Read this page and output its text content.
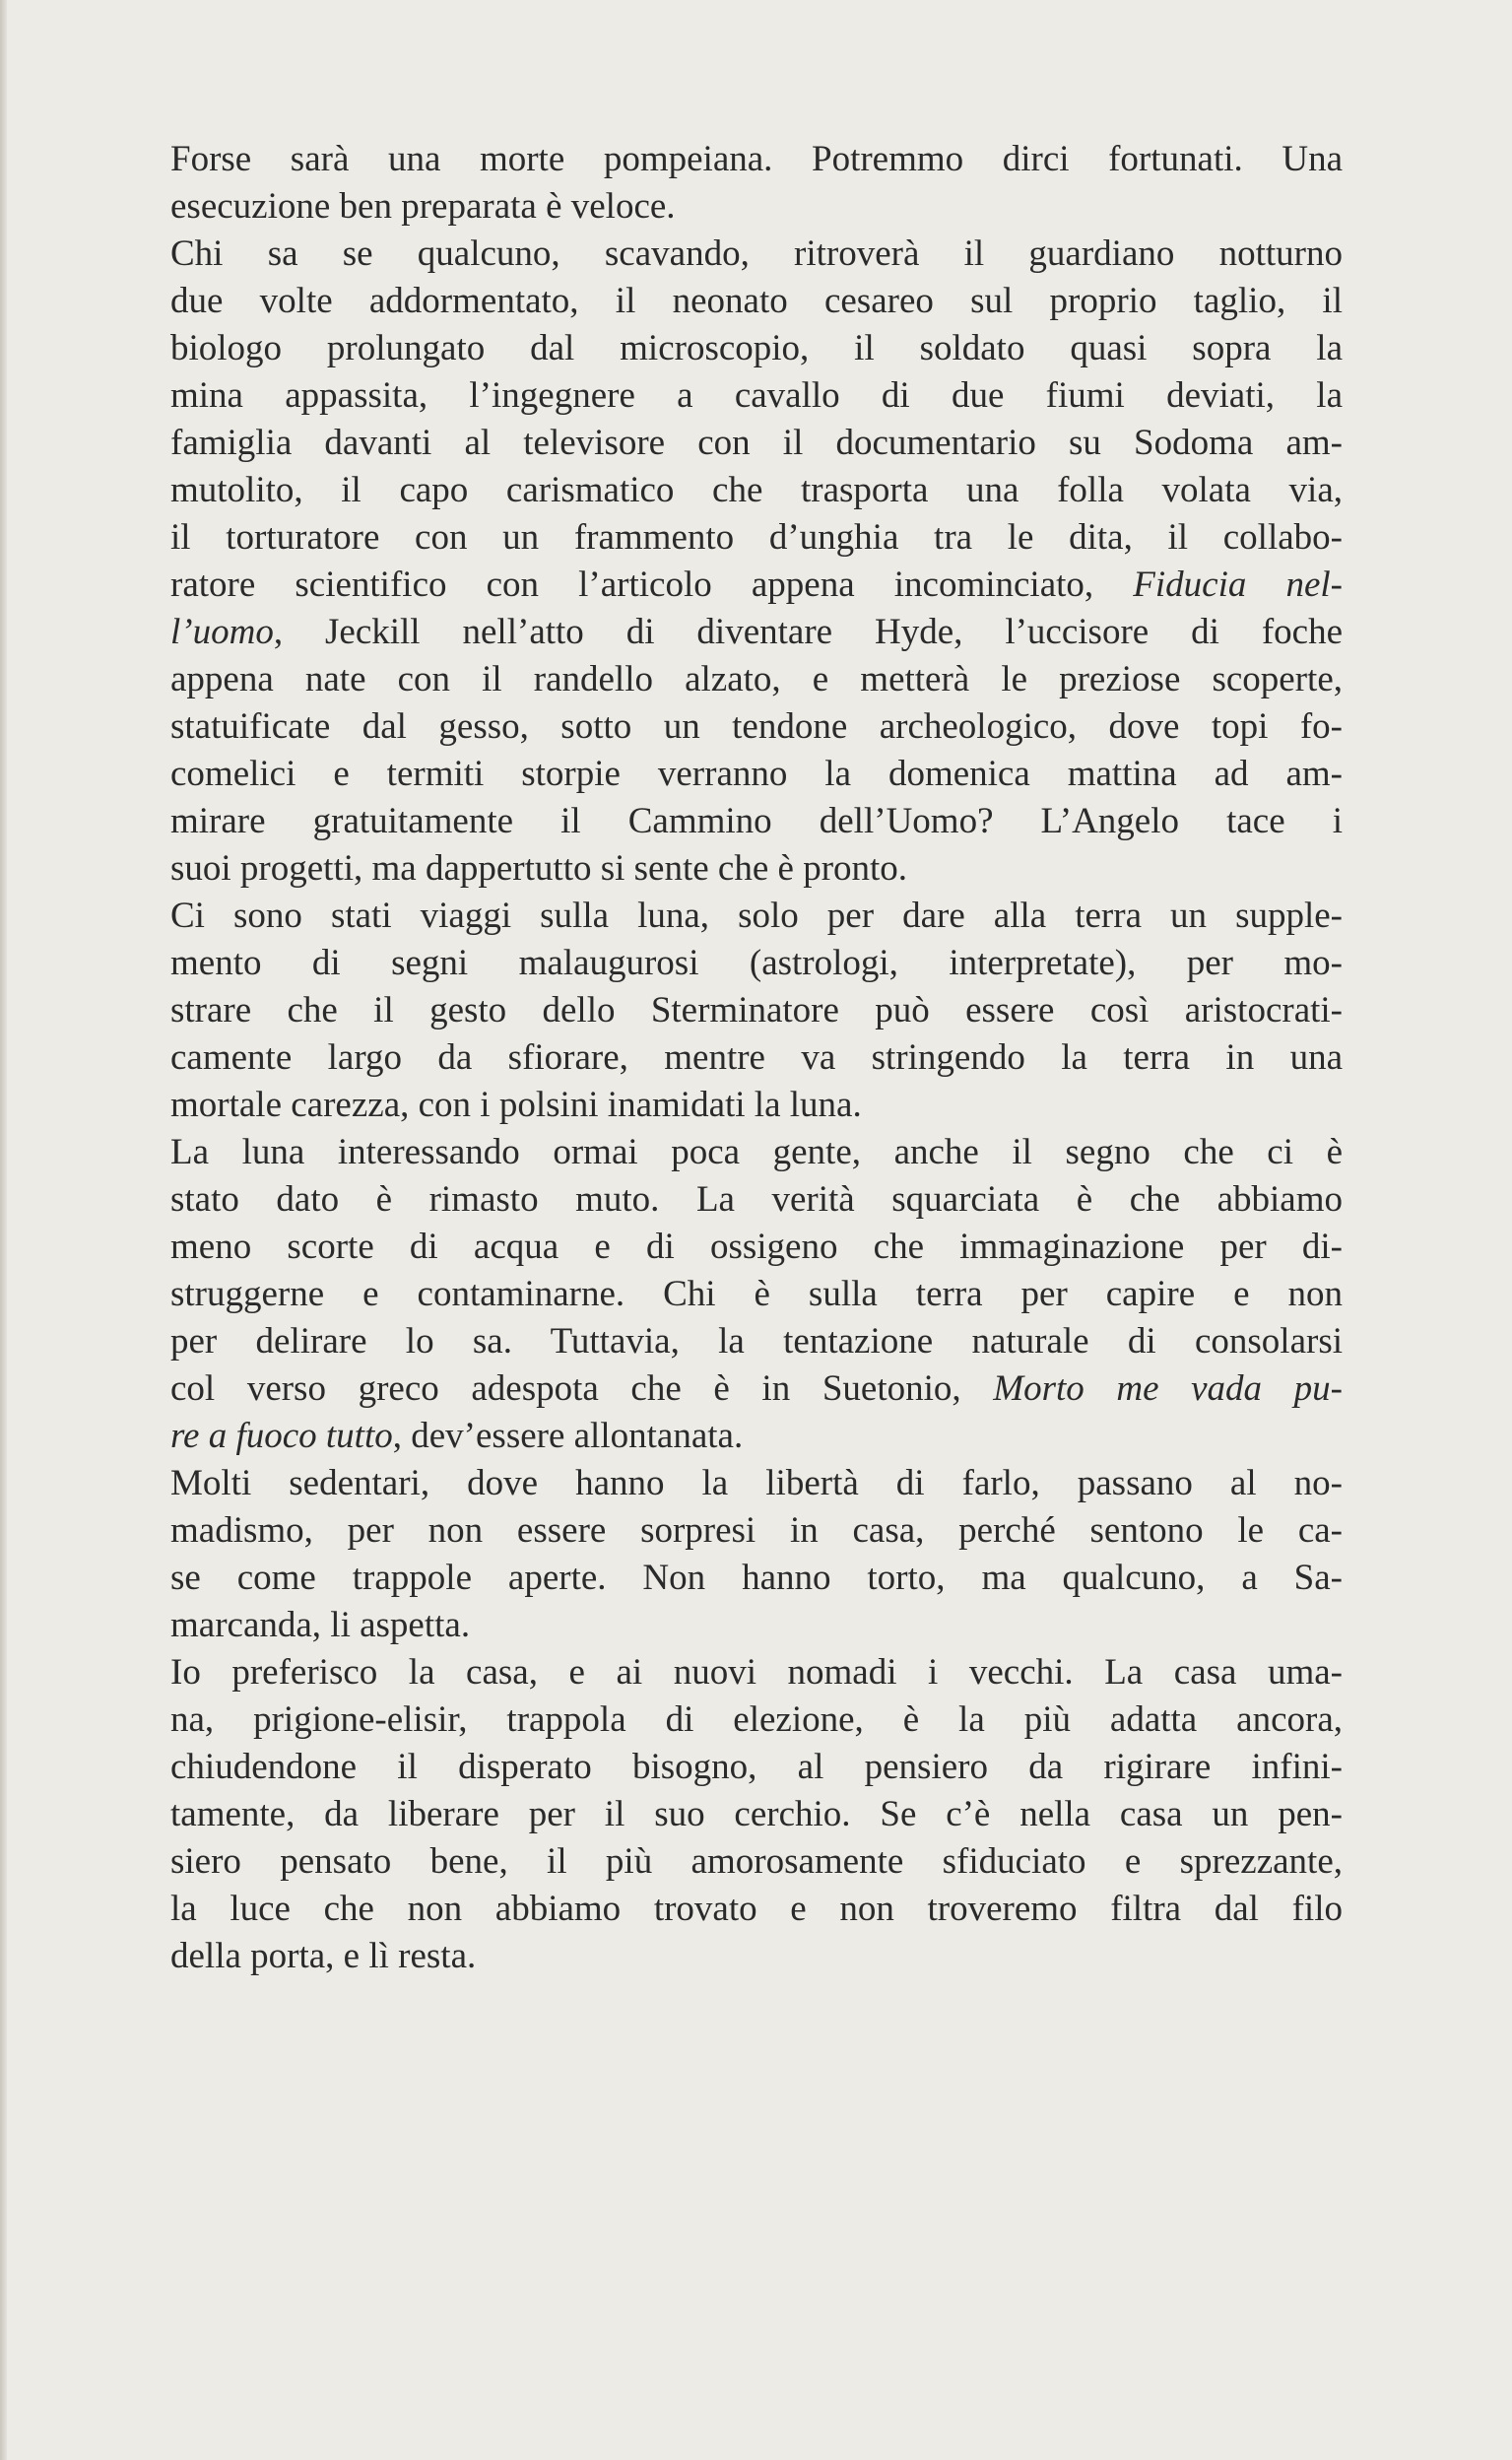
Forse sarà una morte pompeiana. Potremmo dirci fortunati. Una
esecuzione ben preparata è veloce.
Chi sa se qualcuno, scavando, ritroverà il guardiano notturno
due volte addormentato, il neonato cesareo sul proprio taglio, il
biologo prolungato dal microscopio, il soldato quasi sopra la
mina appassita, l’ingegnere a cavallo di due fiumi deviati, la
famiglia davanti al televisore con il documentario su Sodoma am-
mutolito, il capo carismatico che trasporta una folla volata via,
il torturatore con un frammento d’unghia tra le dita, il collabo-
ratore scientifico con l’articolo appena incominciato, Fiducia nel-
l’uomo, Jeckill nell’atto di diventare Hyde, l’uccisore di foche
appena nate con il randello alzato, e metterà le preziose scoperte,
statuificate dal gesso, sotto un tendone archeologico, dove topi fo-
comelici e termiti storpie verranno la domenica mattina ad am-
mirare gratuitamente il Cammino dell’Uomo? L’Angelo tace i
suoi progetti, ma dappertutto si sente che è pronto.
Ci sono stati viaggi sulla luna, solo per dare alla terra un supple-
mento di segni malaugurosi (astrologi, interpretate), per mo-
strare che il gesto dello Sterminatore può essere così aristocrati-
camente largo da sfiorare, mentre va stringendo la terra in una
mortale carezza, con i polsini inamidati la luna.
La luna interessando ormai poca gente, anche il segno che ci è
stato dato è rimasto muto. La verità squarciata è che abbiamo
meno scorte di acqua e di ossigeno che immaginazione per di-
struggerne e contaminarne. Chi è sulla terra per capire e non
per delirare lo sa. Tuttavia, la tentazione naturale di consolarsi
col verso greco adespota che è in Suetonio, Morto me vada pu-
re a fuoco tutto, dev’essere allontanata.
Molti sedentari, dove hanno la libertà di farlo, passano al no-
madismo, per non essere sorpresi in casa, perché sentono le ca-
se come trappole aperte. Non hanno torto, ma qualcuno, a Sa-
marcanda, li aspetta.
Io preferisco la casa, e ai nuovi nomadi i vecchi. La casa uma-
na, prigione-elisir, trappola di elezione, è la più adatta ancora,
chiudendone il disperato bisogno, al pensiero da rigirare infini-
tamente, da liberare per il suo cerchio. Se c’è nella casa un pen-
siero pensato bene, il più amorosamente sfiduciato e sprezzante,
la luce che non abbiamo trovato e non troveremo filtra dal filo
della porta, e lì resta.
